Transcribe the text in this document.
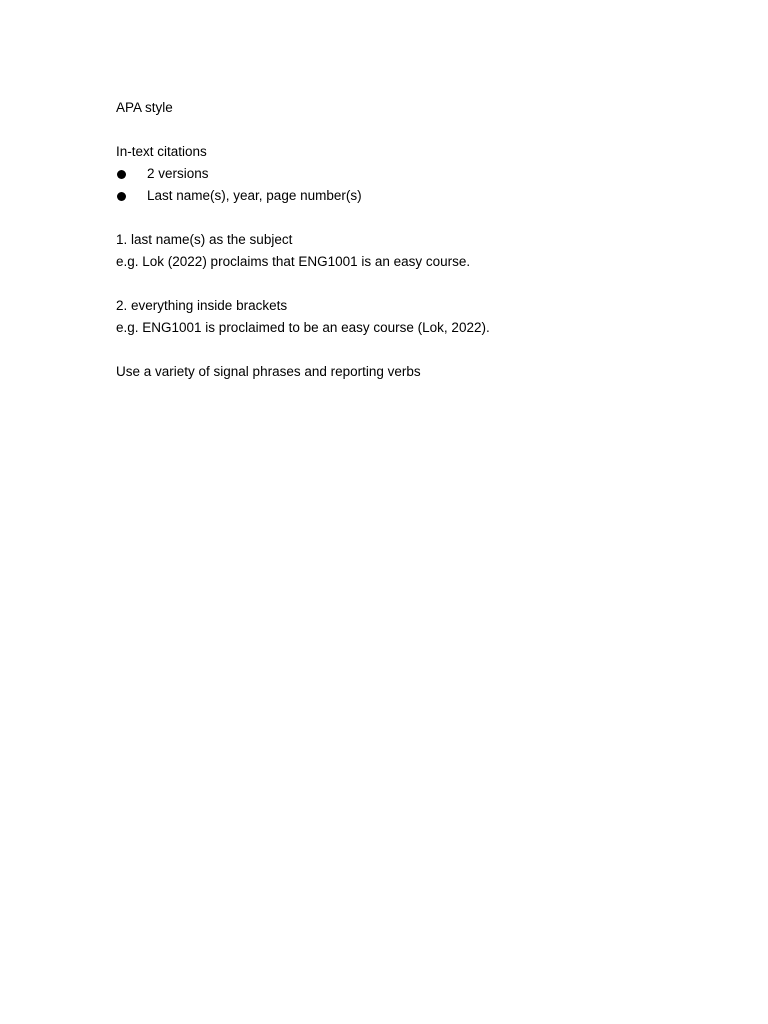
APA style
In-text citations
2 versions
Last name(s), year, page number(s)
1. last name(s) as the subject
e.g. Lok (2022) proclaims that ENG1001 is an easy course.
2. everything inside brackets
e.g. ENG1001 is proclaimed to be an easy course (Lok, 2022).
Use a variety of signal phrases and reporting verbs
